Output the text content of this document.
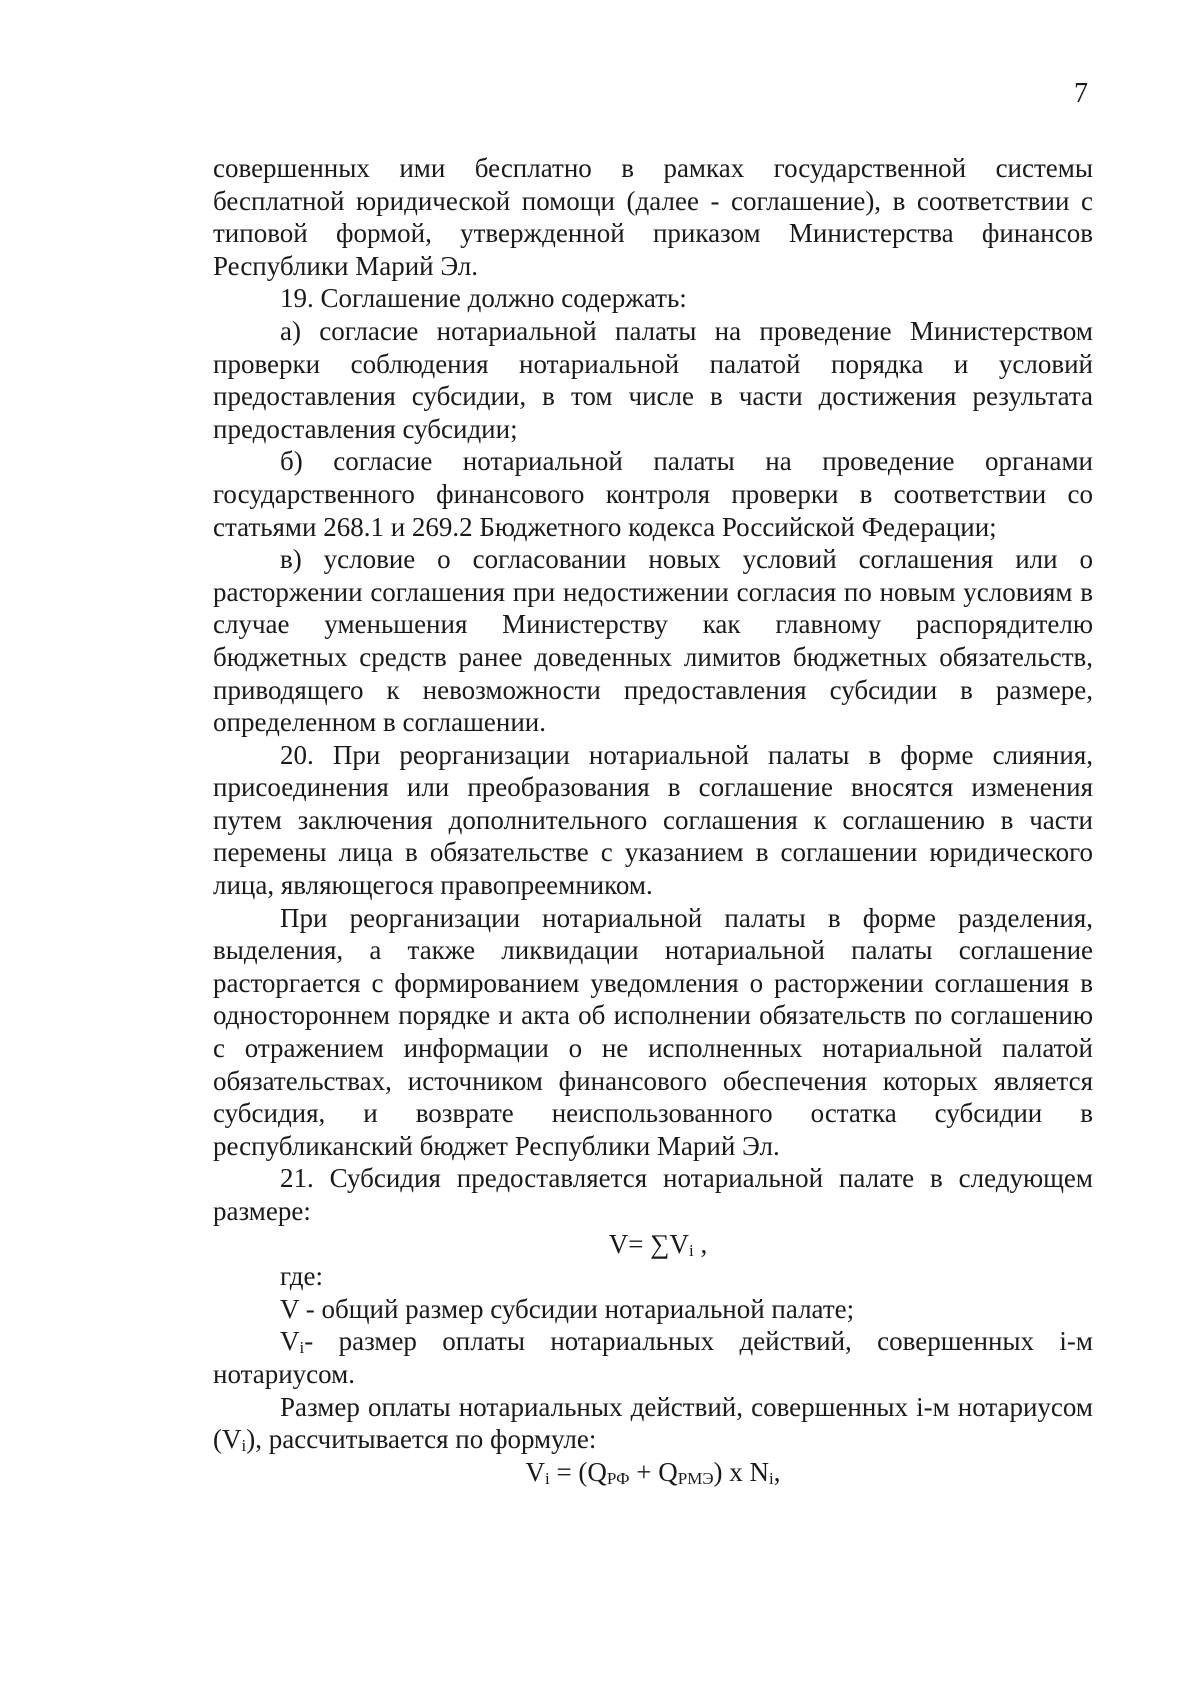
7

совершенных ими бесплатно в рамках государственной системы бесплатной юридической помощи (далее - соглашение), в соответствии с типовой формой, утвержденной приказом Министерства финансов Республики Марий Эл.

19. Соглашение должно содержать:

а) согласие нотариальной палаты на проведение Министерством проверки соблюдения нотариальной палатой порядка и условий предоставления субсидии, в том числе в части достижения результата предоставления субсидии;

б) согласие нотариальной палаты на проведение органами государственного финансового контроля проверки в соответствии со статьями 268.1 и 269.2 Бюджетного кодекса Российской Федерации;

в) условие о согласовании новых условий соглашения или о расторжении соглашения при недостижении согласия по новым условиям в случае уменьшения Министерству как главному распорядителю бюджетных средств ранее доведенных лимитов бюджетных обязательств, приводящего к невозможности предоставления субсидии в размере, определенном в соглашении.

20. При реорганизации нотариальной палаты в форме слияния, присоединения или преобразования в соглашение вносятся изменения путем заключения дополнительного соглашения к соглашению в части перемены лица в обязательстве с указанием в соглашении юридического лица, являющегося правопреемником.

При реорганизации нотариальной палаты в форме разделения, выделения, а также ликвидации нотариальной палаты соглашение расторгается с формированием уведомления о расторжении соглашения в одностороннем порядке и акта об исполнении обязательств по соглашению с отражением информации о не исполненных нотариальной палатой обязательствах, источником финансового обеспечения которых является субсидия, и возврате неиспользованного остатка субсидии в республиканский бюджет Республики Марий Эл.

21. Субсидия предоставляется нотариальной палате в следующем размере:

$V= \sum V_i$ ,

где:

V - общий размер субсидии нотариальной палате;

$V_i-$ размер оплаты нотариальных действий, совершенных i-м нотариусом.

Размер оплаты нотариальных действий, совершенных i-м нотариусом $(V_i)$, рассчитывается по формуле:

$V_i = (Q_{РФ} + Q_{РМЭ})$ x $N_i$,
